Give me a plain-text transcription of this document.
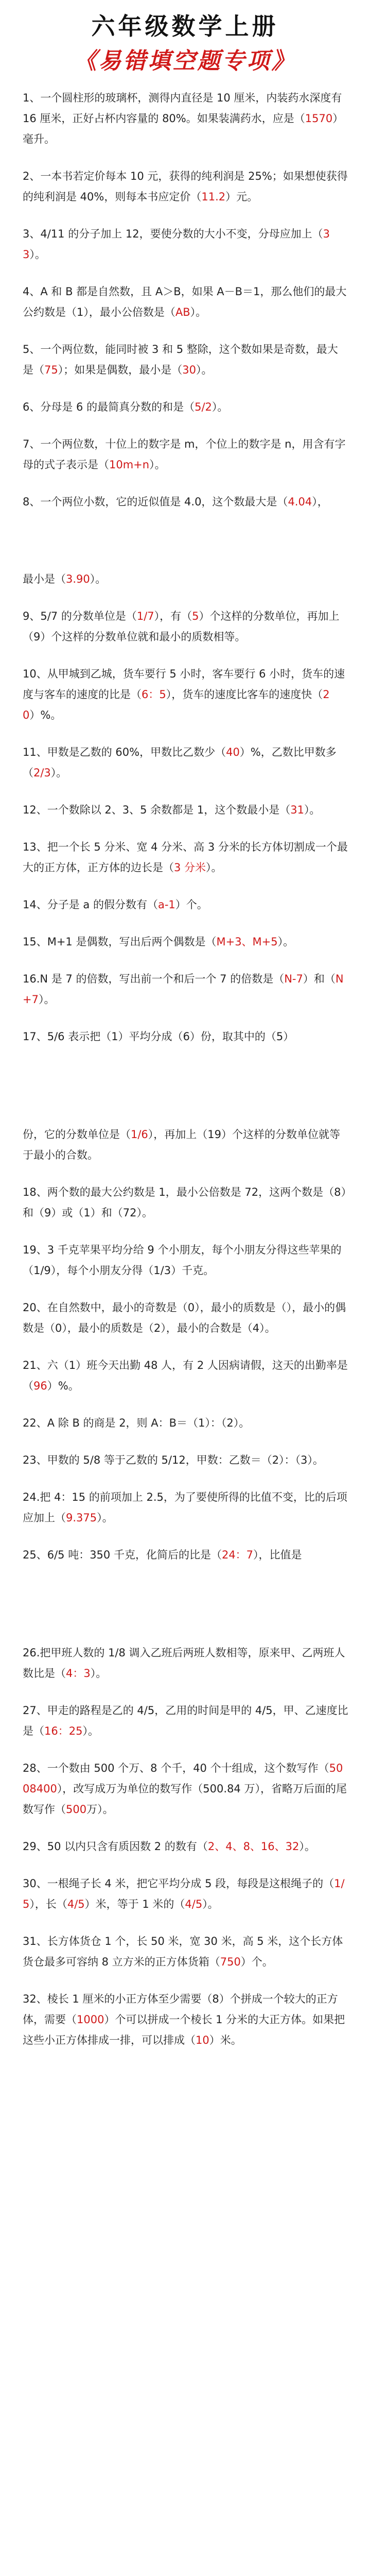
六年级数学上册
《易错填空题专项》

1、一个圆柱形的玻璃杯，测得内直径是 10 厘米，内装药水深度有 16 厘米，正好占杯内容量的 80%。如果装满药水，应是（1570）毫升。

2、一本书若定价每本 10 元，获得的纯利润是 25%；如果想使获得的纯利润是 40%，则每本书应定价（11.2）元。

3、4/11 的分子加上 12，要使分数的大小不变，分母应加上（33）。

4、A 和 B 都是自然数，且 A＞B，如果 A－B＝1，那么他们的最大公约数是（1），最小公倍数是（AB）。

5、一个两位数，能同时被 3 和 5 整除，这个数如果是奇数，最大是（75）；如果是偶数，最小是（30）。

6、分母是 6 的最简真分数的和是（5/2）。

7、一个两位数，十位上的数字是 m，个位上的数字是 n，用含有字母的式子表示是（10m+n）。

8、一个两位小数，它的近似值是 4.0，这个数最大是（4.04），

最小是（3.90）。

9、5/7 的分数单位是（1/7），有（5）个这样的分数单位，再加上（9）个这样的分数单位就和最小的质数相等。

10、从甲城到乙城，货车要行 5 小时，客车要行 6 小时，货车的速度与客车的速度的比是（6：5），货车的速度比客车的速度快（20）%。

11、甲数是乙数的 60%，甲数比乙数少（40）%，乙数比甲数多（2/3）。

12、一个数除以 2、3、5 余数都是 1，这个数最小是（31）。

13、把一个长 5 分米、宽 4 分米、高 3 分米的长方体切割成一个最大的正方体，正方体的边长是（3 分米）。

14、分子是 a 的假分数有（a-1）个。

15、M+1 是偶数，写出后两个偶数是（M+3、M+5）。

16.N 是 7 的倍数，写出前一个和后一个 7 的倍数是（N-7）和（N+7）。

17、5/6 表示把（1）平均分成（6）份，取其中的（5）

份，它的分数单位是（1/6），再加上（19）个这样的分数单位就等于最小的合数。

18、两个数的最大公约数是 1，最小公倍数是 72，这两个数是（8）和（9）或（1）和（72）。

19、3 千克苹果平均分给 9 个小朋友，每个小朋友分得这些苹果的（1/9），每个小朋友分得（1/3）千克。

20、在自然数中，最小的奇数是（0），最小的质数是（），最小的偶数是（0），最小的质数是（2），最小的合数是（4）。

21、六（1）班今天出勤 48 人，有 2 人因病请假，这天的出勤率是（96）%。

22、A 除 B 的商是 2，则 A：B＝（1）：（2）。

23、甲数的 5/8 等于乙数的 5/12，甲数：乙数＝（2）：（3）。

24.把 4：15 的前项加上 2.5，为了要使所得的比值不变，比的后项应加上（9.375）。

25、6/5 吨：350 千克，化简后的比是（24：7），比值是

26.把甲班人数的 1/8 调入乙班后两班人数相等，原来甲、乙两班人数比是（4：3）。

27、甲走的路程是乙的 4/5，乙用的时间是甲的 4/5，甲、乙速度比是（16：25）。

28、一个数由 500 个万、8 个千，40 个十组成，这个数写作（5008400），改写成万为单位的数写作（500.84 万），省略万后面的尾数写作（500万）。

29、50 以内只含有质因数 2 的数有（2、4、8、16、32）。

30、一根绳子长 4 米，把它平均分成 5 段，每段是这根绳子的（1/5），长（4/5）米，等于 1 米的（4/5）。

31、长方体货仓 1 个，长 50 米，宽 30 米，高 5 米，这个长方体货仓最多可容纳 8 立方米的正方体货箱（750）个。

32、棱长 1 厘米的小正方体至少需要（8）个拼成一个较大的正方体，需要（1000）个可以拼成一个棱长 1 分米的大正方体。如果把这些小正方体排成一排，可以排成（10）米。
